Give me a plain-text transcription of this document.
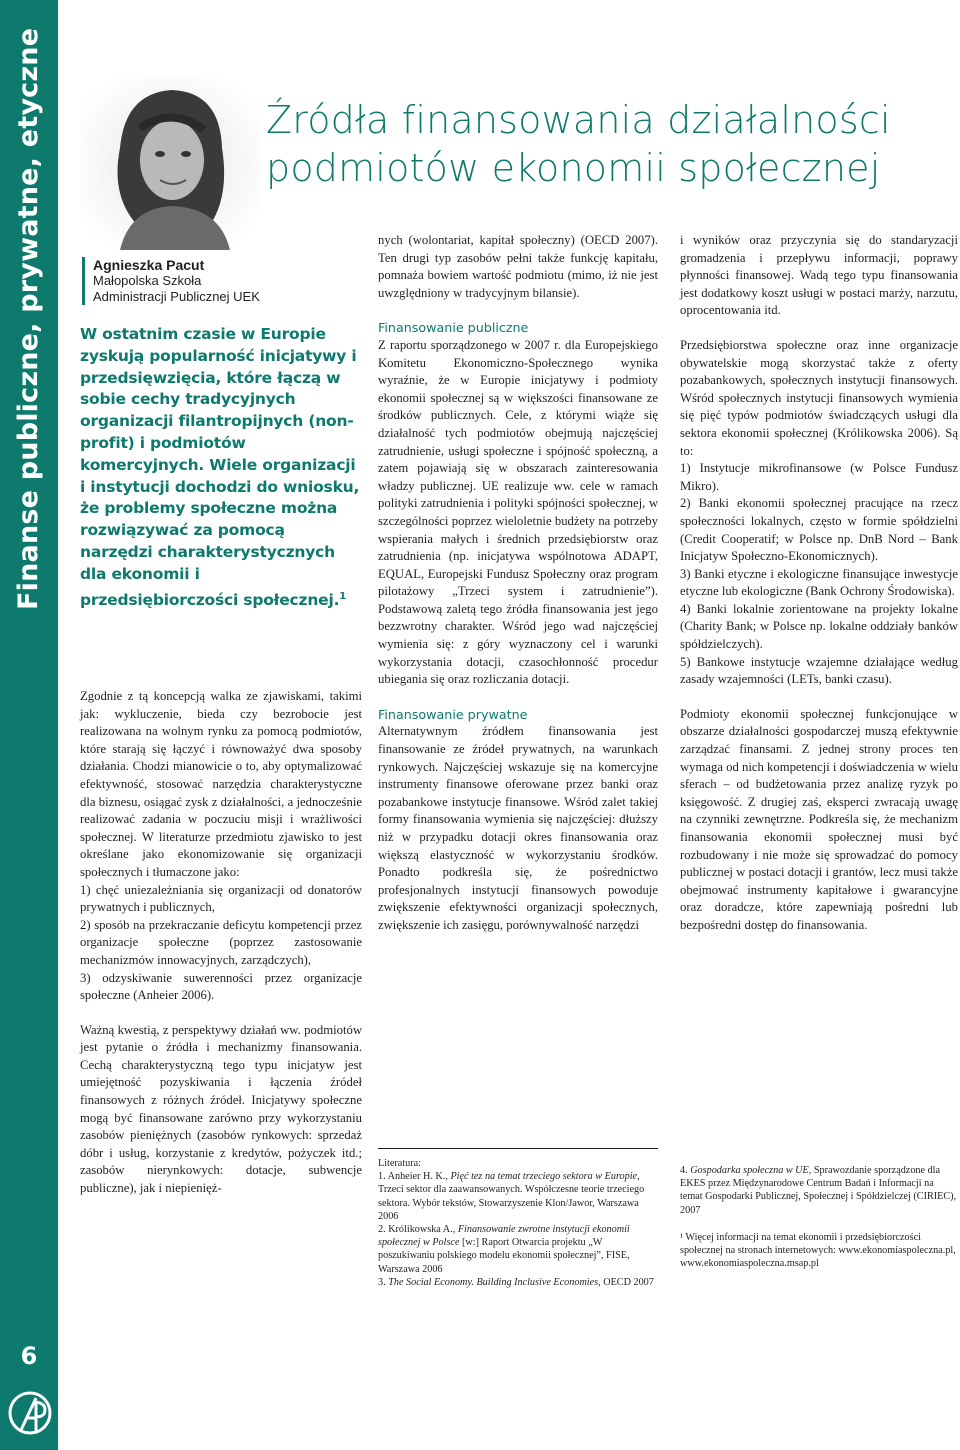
Finanse publiczne, prywatne, etyczne
6
Agnieszka Pacut
Małopolska Szkoła
Administracji Publicznej UEK
Źródła finansowania działalności
podmiotów ekonomii społecznej
W ostatnim czasie w Europie zyskują popularność inicjatywy i przedsięwzięcia, które łączą w sobie cechy tradycyjnych organizacji filantropijnych (non-profit) i podmiotów komercyjnych. Wiele organizacji i instytucji dochodzi do wniosku, że problemy społeczne można rozwiązywać za pomocą narzędzi charakterystycznych dla ekonomii i przedsiębiorczości społecznej.$^1$

Zgodnie z tą koncepcją walka ze zjawiskami, takimi jak: wykluczenie, bieda czy bezrobocie jest realizowana na wolnym rynku za pomocą podmiotów, które starają się łączyć i równoważyć dwa sposoby działania. Chodzi mianowicie o to, aby optymalizować efektywność, stosować narzędzia charakterystyczne dla biznesu, osiągać zysk z działalności, a jednocześnie realizować zadania w poczuciu misji i wrażliwości społecznej. W literaturze przedmiotu zjawisko to jest określane jako ekonomizowanie się organizacji społecznych i tłumaczone jako:

1) chęć uniezależniania się organizacji od donatorów prywatnych i publicznych,

2) sposób na przekraczanie deficytu kompetencji przez organizacje społeczne (poprzez zastosowanie mechanizmów innowacyjnych, zarządczych),

3) odzyskiwanie suwerenności przez organizacje społeczne (Anheier 2006).

Ważną kwestią, z perspektywy działań ww. podmiotów jest pytanie o źródła i mechanizmy finansowania. Cechą charakterystyczną tego typu inicjatyw jest umiejętność pozyskiwania i łączenia źródeł finansowych z różnych źródeł. Inicjatywy społeczne mogą być finansowane zarówno przy wykorzystaniu zasobów pieniężnych (zasobów rynkowych: sprzedaż dóbr i usług, korzystanie z kredytów, pożyczek itd.; zasobów nierynkowych: dotacje, subwencje publiczne), jak i niepienięż-

nych (wolontariat, kapitał społeczny) (OECD 2007). Ten drugi typ zasobów pełni także funkcję kapitału, pomnaża bowiem wartość podmiotu (mimo, iż nie jest uwzględniony w tradycyjnym bilansie).

Finansowanie publiczne

Z raportu sporządzonego w 2007 r. dla Europejskiego Komitetu Ekonomiczno-Społecznego wynika wyraźnie, że w Europie inicjatywy i podmioty ekonomii społecznej są w większości finansowane ze środków publicznych. Cele, z którymi wiąże się działalność tych podmiotów obejmują najczęściej zatrudnienie, usługi społeczne i spójność społeczną, a zatem pojawiają się w obszarach zainteresowania władzy publicznej. UE realizuje ww. cele w ramach polityki zatrudnienia i polityki spójności społecznej, w szczególności poprzez wieloletnie budżety na potrzeby wspierania małych i średnich przedsiębiorstw oraz zatrudnienia (np. inicjatywa wspólnotowa ADAPT, EQUAL, Europejski Fundusz Społeczny oraz program pilotażowy „Trzeci system i zatrudnienie”). Podstawową zaletą tego źródła finansowania jest jego bezzwrotny charakter. Wśród jego wad najczęściej wymienia się: z góry wyznaczony cel i warunki wykorzystania dotacji, czasochłonność procedur ubiegania się oraz rozliczania dotacji.

Finansowanie prywatne

Alternatywnym źródłem finansowania jest finansowanie ze źródeł prywatnych, na warunkach rynkowych. Najczęściej wskazuje się na komercyjne instrumenty finansowe oferowane przez banki oraz pozabankowe instytucje finansowe. Wśród zalet takiej formy finansowania wymienia się najczęściej: dłuższy niż w przypadku dotacji okres finansowania oraz większą elastyczność w wykorzystaniu środków. Ponadto podkreśla się, że pośrednictwo profesjonalnych instytucji finansowych powoduje zwiększenie efektywności organizacji społecznych, zwiększenie ich zasięgu, porównywalność narzędzi

i wyników oraz przyczynia się do standaryzacji gromadzenia i przepływu informacji, poprawy płynności finansowej. Wadą tego typu finansowania jest dodatkowy koszt usługi w postaci marży, narzutu, oprocentowania itd.

Przedsiębiorstwa społeczne oraz inne organizacje obywatelskie mogą skorzystać także z oferty pozabankowych, społecznych instytucji finansowych. Wśród społecznych instytucji finansowych wymienia się pięć typów podmiotów świadczących usługi dla sektora ekonomii społecznej (Królikowska 2006). Są to:

1) Instytucje mikrofinansowe (w Polsce Fundusz Mikro).

2) Banki ekonomii społecznej pracujące na rzecz społeczności lokalnych, często w formie spółdzielni (Credit Cooperatif; w Polsce np. DnB Nord – Bank Inicjatyw Społeczno-Ekonomicznych).

3) Banki etyczne i ekologiczne finansujące inwestycje etyczne lub ekologiczne (Bank Ochrony Środowiska).

4) Banki lokalnie zorientowane na projekty lokalne (Charity Bank; w Polsce np. lokalne oddziały banków spółdzielczych).

5) Bankowe instytucje wzajemne działające według zasady wzajemności (LETs, banki czasu).

Podmioty ekonomii społecznej funkcjonujące w obszarze działalności gospodarczej muszą efektywnie zarządzać finansami. Z jednej strony proces ten wymaga od nich kompetencji i doświadczenia w wielu sferach – od budżetowania przez analizę ryzyk po księgowość. Z drugiej zaś, eksperci zwracają uwagę na czynniki zewnętrzne. Podkreśla się, że mechanizm finansowania ekonomii społecznej musi być rozbudowany i nie może się sprowadzać do pomocy publicznej w postaci dotacji i grantów, lecz musi także obejmować instrumenty kapitałowe i gwarancyjne oraz doradcze, które zapewniają pośredni lub bezpośredni dostęp do finansowania.

Literatura:

1. Anheier H. K., Pięć tez na temat trzeciego sektora w Europie, Trzeci sektor dla zaawansowanych. Współczesne teorie trzeciego sektora. Wybór tekstów, Stowarzyszenie Klon/Jawor, Warszawa 2006

2. Królikowska A., Finansowanie zwrotne instytucji ekonomii społecznej w Polsce [w:] Raport Otwarcia projektu „W poszukiwaniu polskiego modelu ekonomii społecznej”, FISE, Warszawa 2006

3. The Social Economy. Building Inclusive Economies, OECD 2007

4. Gospodarka społeczna w UE, Sprawozdanie sporządzone dla EKES przez Międzynarodowe Centrum Badań i Informacji na temat Gospodarki Publicznej, Społecznej i Spółdzielczej (CIRIEC), 2007

¹ Więcej informacji na temat ekonomii i przedsiębiorczości społecznej na stronach internetowych: www.ekonomiaspoleczna.pl, www.ekonomiaspoleczna.msap.pl
